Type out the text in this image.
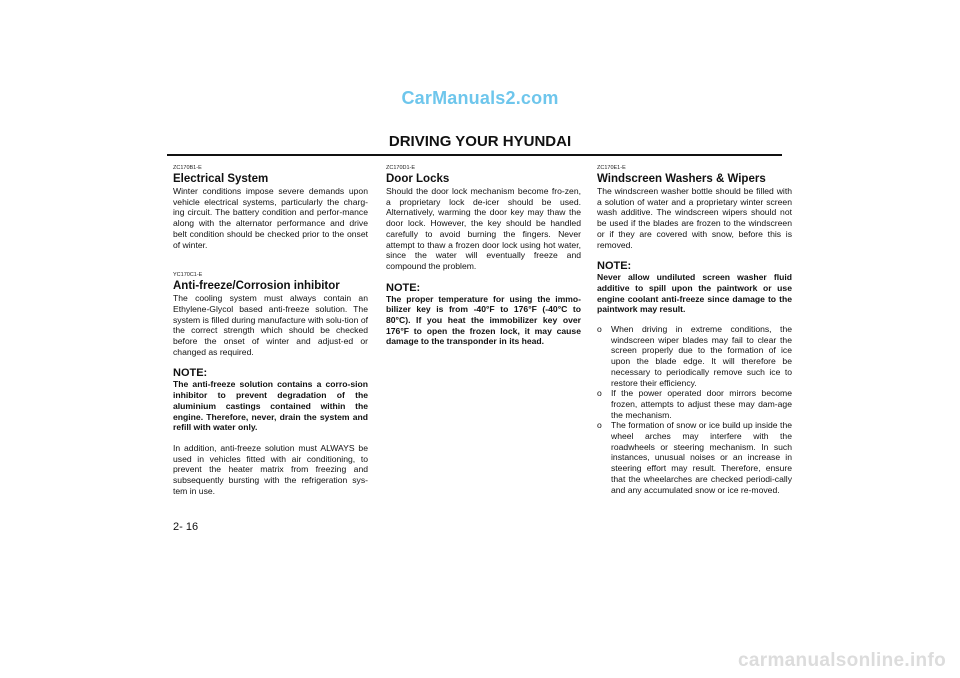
CarManuals2.com
DRIVING YOUR HYUNDAI
ZC170B1-E
Electrical System

Winter conditions impose severe demands upon vehicle electrical systems, particularly the charg-ing circuit. The battery condition and perfor-mance along with the alternator performance and drive belt condition should be checked prior to the onset of winter.

YC170C1-E
Anti-freeze/Corrosion inhibitor

The cooling system must always contain an Ethylene-Glycol based anti-freeze solution. The system is filled during manufacture with solu-tion of the correct strength which should be checked before the onset of winter and adjust-ed or changed as required.

NOTE:

The anti-freeze solution contains a corro-sion inhibitor to prevent degradation of the aluminium castings contained within the engine. Therefore, never, drain the system and refill with water only.

In addition, anti-freeze solution must ALWAYS be used in vehicles fitted with air conditioning, to prevent the heater matrix from freezing and subsequently bursting with the refrigeration sys-tem in use.

ZC170D1-E
Door Locks

Should the door lock mechanism become fro-zen, a proprietary lock de-icer should be used. Alternatively, warming the door key may thaw the door lock. However, the key should be handled carefully to avoid burning the fingers. Never attempt to thaw a frozen door lock using hot water, since the water will eventually freeze and compound the problem.

NOTE:

The proper temperature for using the immo-bilizer key is from -40°F to 176°F (-40°C to 80°C). If you heat the immobilizer key over 176°F to open the frozen lock, it may cause damage to the transponder in its head.

ZC170E1-E
Windscreen Washers & Wipers

The windscreen washer bottle should be filled with a solution of water and a proprietary winter screen wash additive. The windscreen wipers should not be used if the blades are frozen to the windscreen or if they are covered with snow, before this is removed.

NOTE:

Never allow undiluted screen washer fluid additive to spill upon the paintwork or use engine coolant anti-freeze since damage to the paintwork may result.

o	When driving in extreme conditions, the windscreen wiper blades may fail to clear the screen properly due to the formation of ice upon the blade edge. It will therefore be necessary to periodically remove such ice to restore their efficiency.
o	If the power operated door mirrors become frozen, attempts to adjust these may dam-age the mechanism.
o	The formation of snow or ice build up inside the wheel arches may interfere with the roadwheels or steering mechanism. In such instances, unusual noises or an increase in steering effort may result. Therefore, ensure that the wheelarches are checked periodi-cally and any accumulated snow or ice re-moved.
2- 16
carmanualsonline.info
